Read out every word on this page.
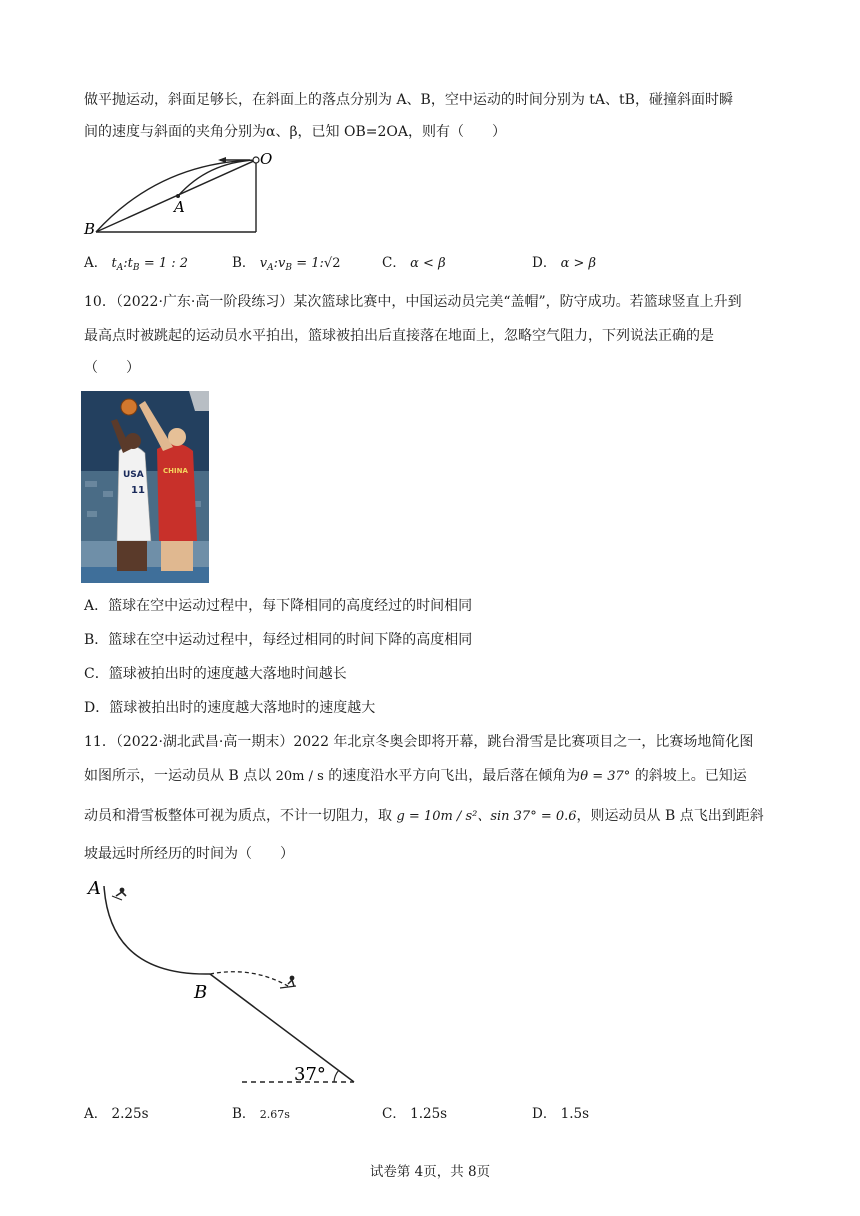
做平抛运动，斜面足够长，在斜面上的落点分别为 A、B，空中运动的时间分别为 tA、tB，碰撞斜面时瞬
间的速度与斜面的夹角分别为α、β，已知 OB=2OA，则有（　　）
O
A
B
A． $t_A:t_B = 1$ : 2	B． $v_A:v_B$ = 1:√2	C． α < β	D． α > β
10．（2022·广东·高一阶段练习）某次篮球比赛中，中国运动员完美“盖帽”，防守成功。若篮球竖直上升到
最高点时被跳起的运动员水平拍出，篮球被拍出后直接落在地面上，忽略空气阻力，下列说法正确的是
（　　）
USA
11
CHINA
A．篮球在空中运动过程中，每下降相同的高度经过的时间相同
B．篮球在空中运动过程中，每经过相同的时间下降的高度相同
C．篮球被拍出时的速度越大落地时间越长
D．篮球被拍出时的速度越大落地时的速度越大
11．（2022·湖北武昌·高一期末）2022 年北京冬奥会即将开幕，跳台滑雪是比赛项目之一，比赛场地简化图
如图所示，一运动员从 B 点以 20m / s 的速度沿水平方向飞出，最后落在倾角为θ = 37° 的斜坡上。已知运
动员和滑雪板整体可视为质点，不计一切阻力，取 g = 10m / s²、sin 37° = 0.6，则运动员从 B 点飞出到距斜
坡最远时所经历的时间为（　　）
A
B
37°
A． 2.25s	B． 2.67s	C． 1.25s	D． 1.5s
试卷第 4页，共 8页
